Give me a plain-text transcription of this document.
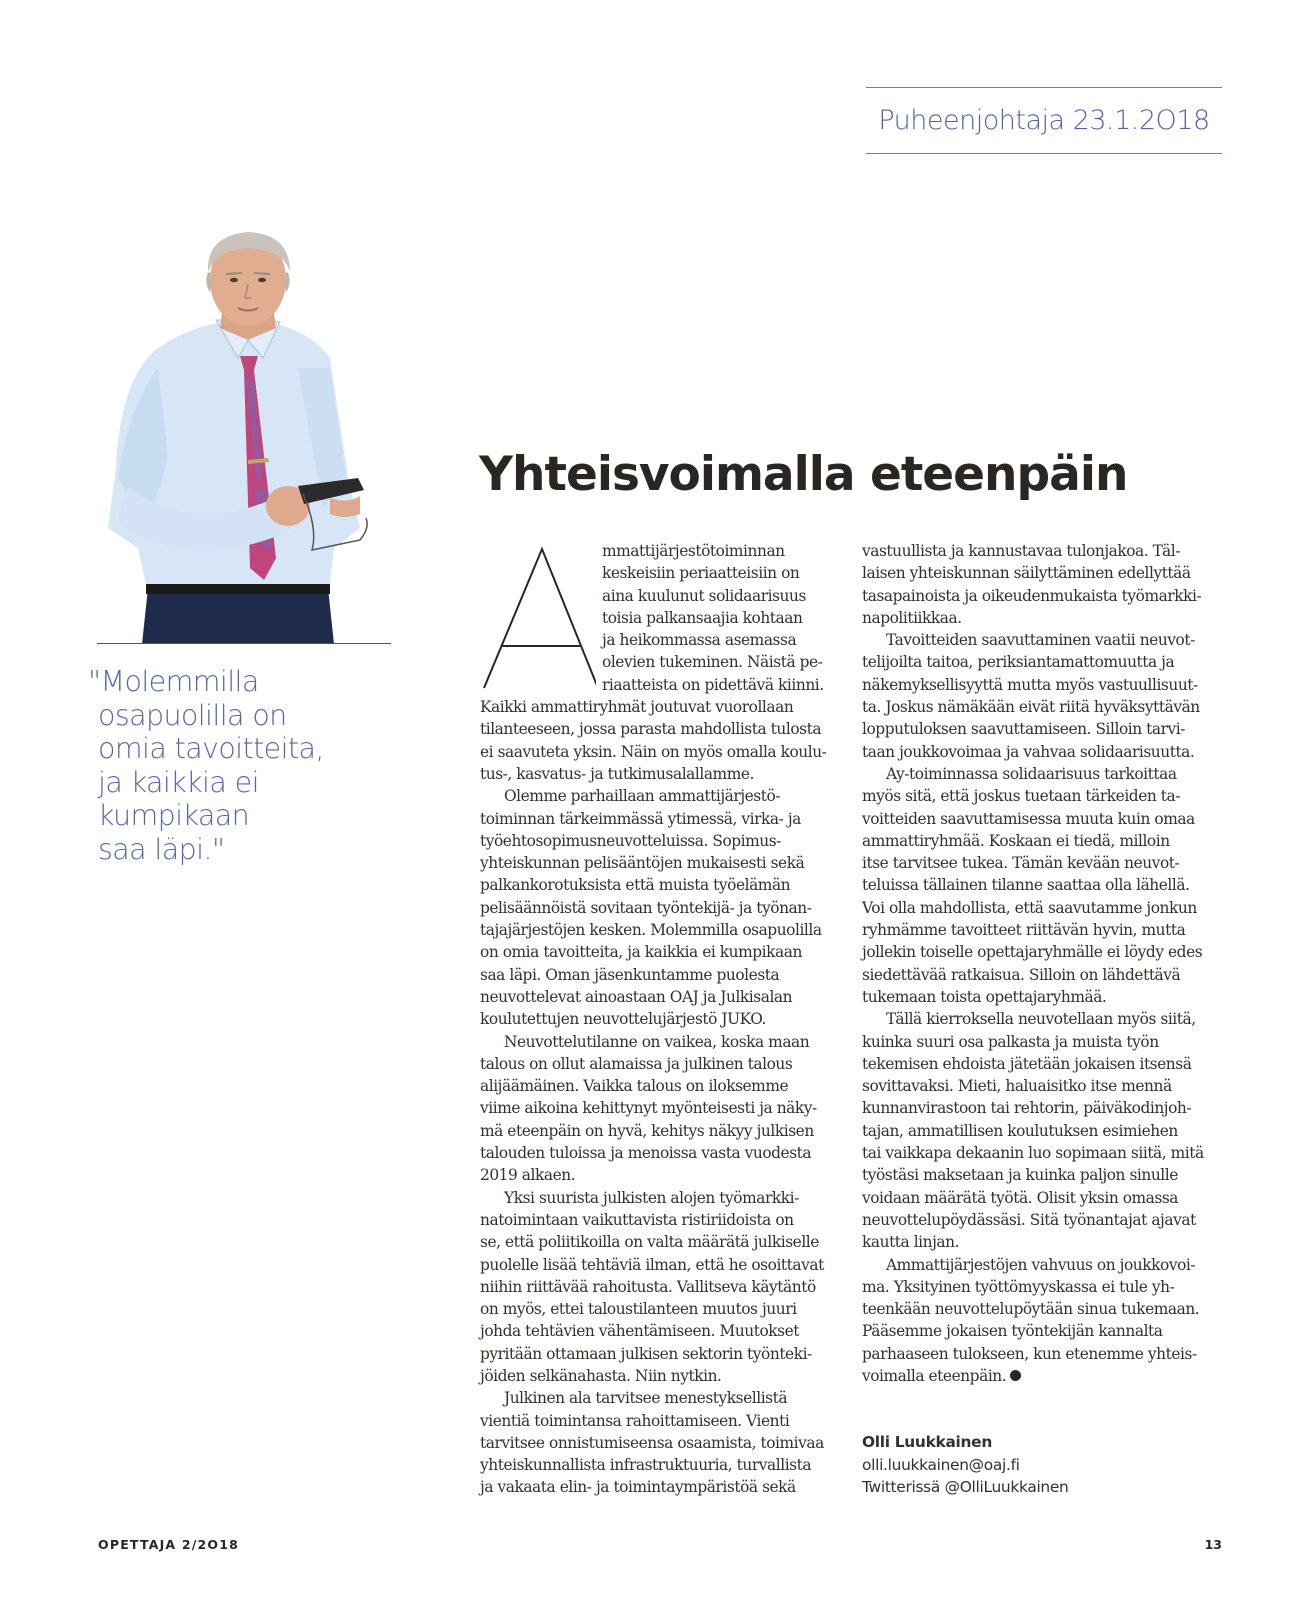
Puheenjohtaja 23.1.2O18
"Molemmilla
osapuolilla on
omia tavoitteita,
ja kaikkia ei
kumpikaan
saa läpi."
Yhteisvoimalla eteenpäin
mmattijärjestötoiminnan
keskeisiin periaatteisiin on
aina kuulunut solidaarisuus
toisia palkansaajia kohtaan
ja heikommassa asemassa
olevien tukeminen. Näistä pe-
riaatteista on pidettävä kiinni.
Kaikki ammattiryhmät joutuvat vuorollaan
tilanteeseen, jossa parasta mahdollista tulosta
ei saavuteta yksin. Näin on myös omalla koulu-
tus-, kasvatus- ja tutkimusalallamme.
Olemme parhaillaan ammattijärjestö-
toiminnan tärkeimmässä ytimessä, virka- ja
työehtosopimusneuvotteluissa. Sopimus-
yhteiskunnan pelisääntöjen mukaisesti sekä
palkankorotuksista että muista työelämän
pelisäännöistä sovitaan työntekijä- ja työnan-
tajajärjestöjen kesken. Molemmilla osapuolilla
on omia tavoitteita, ja kaikkia ei kumpikaan
saa läpi. Oman jäsenkuntamme puolesta
neuvottelevat ainoastaan OAJ ja Julkisalan
koulutettujen neuvottelujärjestö JUKO.
Neuvottelutilanne on vaikea, koska maan
talous on ollut alamaissa ja julkinen talous
alijäämäinen. Vaikka talous on iloksemme
viime aikoina kehittynyt myönteisesti ja näky-
mä eteenpäin on hyvä, kehitys näkyy julkisen
talouden tuloissa ja menoissa vasta vuodesta
2019 alkaen.
Yksi suurista julkisten alojen työmarkki-
natoimintaan vaikuttavista ristiriidoista on
se, että poliitikoilla on valta määrätä julkiselle
puolelle lisää tehtäviä ilman, että he osoittavat
niihin riittävää rahoitusta. Vallitseva käytäntö
on myös, ettei taloustilanteen muutos juuri
johda tehtävien vähentämiseen. Muutokset
pyritään ottamaan julkisen sektorin työnteki-
jöiden selkänahasta. Niin nytkin.
Julkinen ala tarvitsee menestyksellistä
vientiä toimintansa rahoittamiseen. Vienti
tarvitsee onnistumiseensa osaamista, toimivaa
yhteiskunnallista infrastruktuuria, turvallista
ja vakaata elin- ja toimintaympäristöä sekä
vastuullista ja kannustavaa tulonjakoa. Täl-
laisen yhteiskunnan säilyttäminen edellyttää
tasapainoista ja oikeudenmukaista työmarkki-
napolitiikkaa.
Tavoitteiden saavuttaminen vaatii neuvot-
telijoilta taitoa, periksiantamattomuutta ja
näkemyksellisyyttä mutta myös vastuullisuut-
ta. Joskus nämäkään eivät riitä hyväksyttävän
lopputuloksen saavuttamiseen. Silloin tarvi-
taan joukkovoimaa ja vahvaa solidaarisuutta.
Ay-toiminnassa solidaarisuus tarkoittaa
myös sitä, että joskus tuetaan tärkeiden ta-
voitteiden saavuttamisessa muuta kuin omaa
ammattiryhmää. Koskaan ei tiedä, milloin
itse tarvitsee tukea. Tämän kevään neuvot-
teluissa tällainen tilanne saattaa olla lähellä.
Voi olla mahdollista, että saavutamme jonkun
ryhmämme tavoitteet riittävän hyvin, mutta
jollekin toiselle opettajaryhmälle ei löydy edes
siedettävää ratkaisua. Silloin on lähdettävä
tukemaan toista opettajaryhmää.
Tällä kierroksella neuvotellaan myös siitä,
kuinka suuri osa palkasta ja muista työn
tekemisen ehdoista jätetään jokaisen itsensä
sovittavaksi. Mieti, haluaisitko itse mennä
kunnanvirastoon tai rehtorin, päiväkodinjoh-
tajan, ammatillisen koulutuksen esimiehen
tai vaikkapa dekaanin luo sopimaan siitä, mitä
työstäsi maksetaan ja kuinka paljon sinulle
voidaan määrätä työtä. Olisit yksin omassa
neuvottelupöydässäsi. Sitä työnantajat ajavat
kautta linjan.
Ammattijärjestöjen vahvuus on joukkovoi-
ma. Yksityinen työttömyyskassa ei tule yh-
teenkään neuvottelupöytään sinua tukemaan.
Pääsemme jokaisen työntekijän kannalta
parhaaseen tulokseen, kun etenemme yhteis-
voimalla eteenpäin.
Olli Luukkainen
olli.luukkainen@oaj.fi
Twitterissä @OlliLuukkainen
OPETTAJA 2/2O18	13
